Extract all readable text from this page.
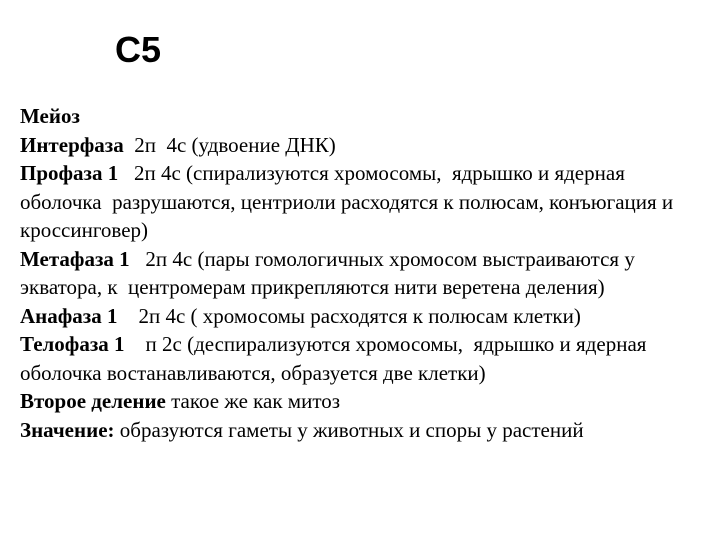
С5

Мейоз

Интерфаза  2п  4с (удвоение ДНК)

Профаза 1   2п 4с (спирализуются хромосомы,  ядрышко и ядерная оболочка  разрушаются, центриоли расходятся к полюсам, конъюгация и кроссинговер)

Метафаза 1   2п 4с (пары гомологичных хромосом выстраиваются у экватора, к  центромерам прикрепляются нити веретена деления)

Анафаза 1    2п 4с ( хромосомы расходятся к полюсам клетки)

Телофаза 1    п 2с (деспирализуются хромосомы,  ядрышко и ядерная оболочка востанавливаются, образуется две клетки)

Второе деление такое же как митоз

Значение: образуются гаметы у животных и споры у растений
